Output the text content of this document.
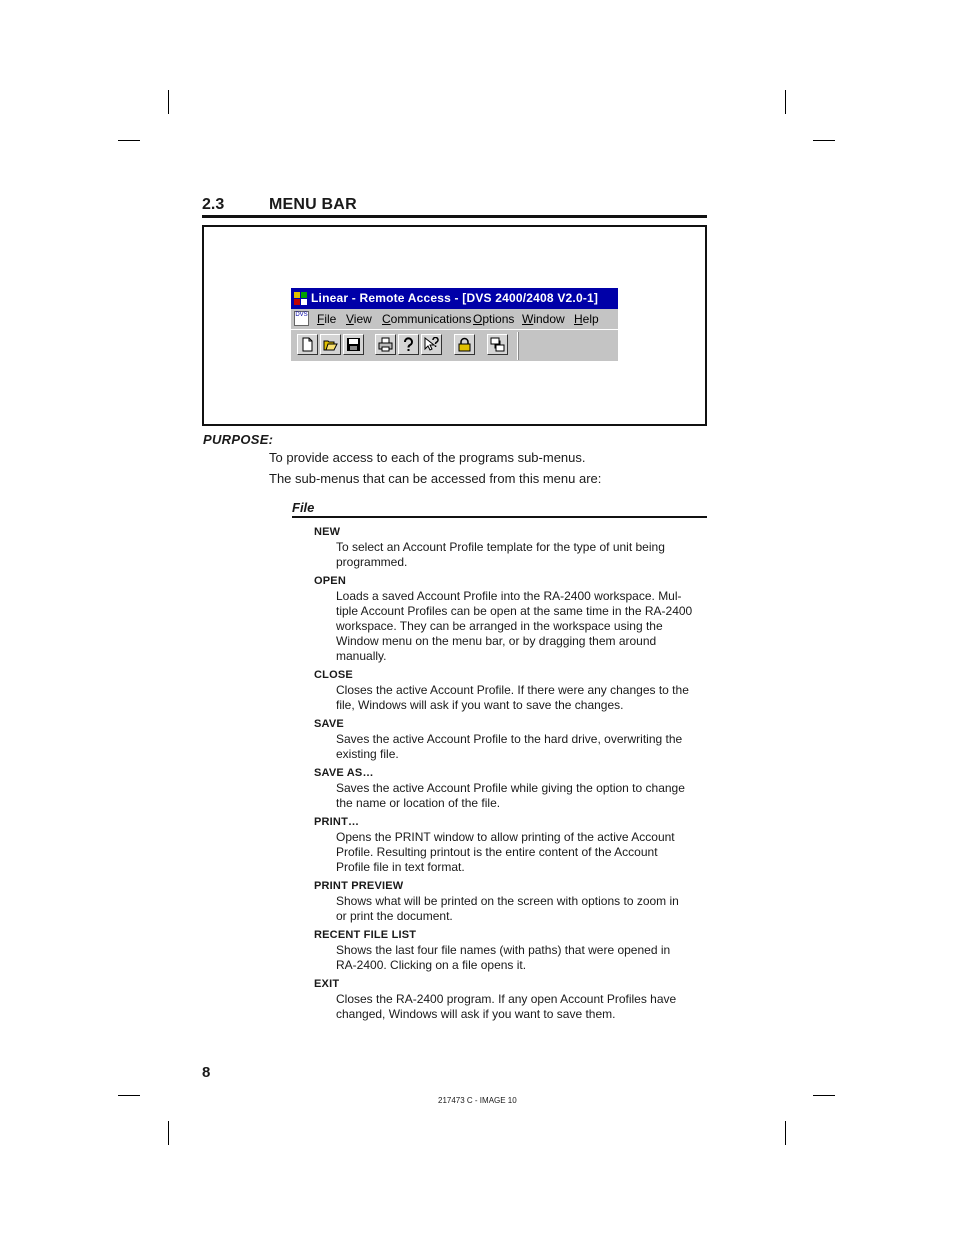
2.3	MENU BAR
Linear - Remote Access - [DVS 2400/2408 V2.0-1]
DVS File View Communications Options Window Help
PURPOSE:
To provide access to each of the programs sub-menus.
The sub-menus that can be accessed from this menu are:
File
NEW
To select an Account Profile template for the type of unit being
programmed.
OPEN
Loads a saved Account Profile into the RA-2400 workspace. Mul-
tiple Account Profiles can be open at the same time in the RA-2400
workspace. They can be arranged in the workspace using the
Window menu on the menu bar, or by dragging them around
manually.
CLOSE
Closes the active Account Profile. If there were any changes to the
file, Windows will ask if you want to save the changes.
SAVE
Saves the active Account Profile to the hard drive, overwriting the
existing file.
SAVE AS…
Saves the active Account Profile while giving the option to change
the name or location of the file.
PRINT…
Opens the PRINT window to allow printing of the active Account
Profile. Resulting printout is the entire content of the Account
Profile file in text format.
PRINT PREVIEW
Shows what will be printed on the screen with options to zoom in
or print the document.
RECENT FILE LIST
Shows the last four file names (with paths) that were opened in
RA-2400. Clicking on a file opens it.
EXIT
Closes the RA-2400 program. If any open Account Profiles have
changed, Windows will ask if you want to save them.
8
217473 C - IMAGE 10
